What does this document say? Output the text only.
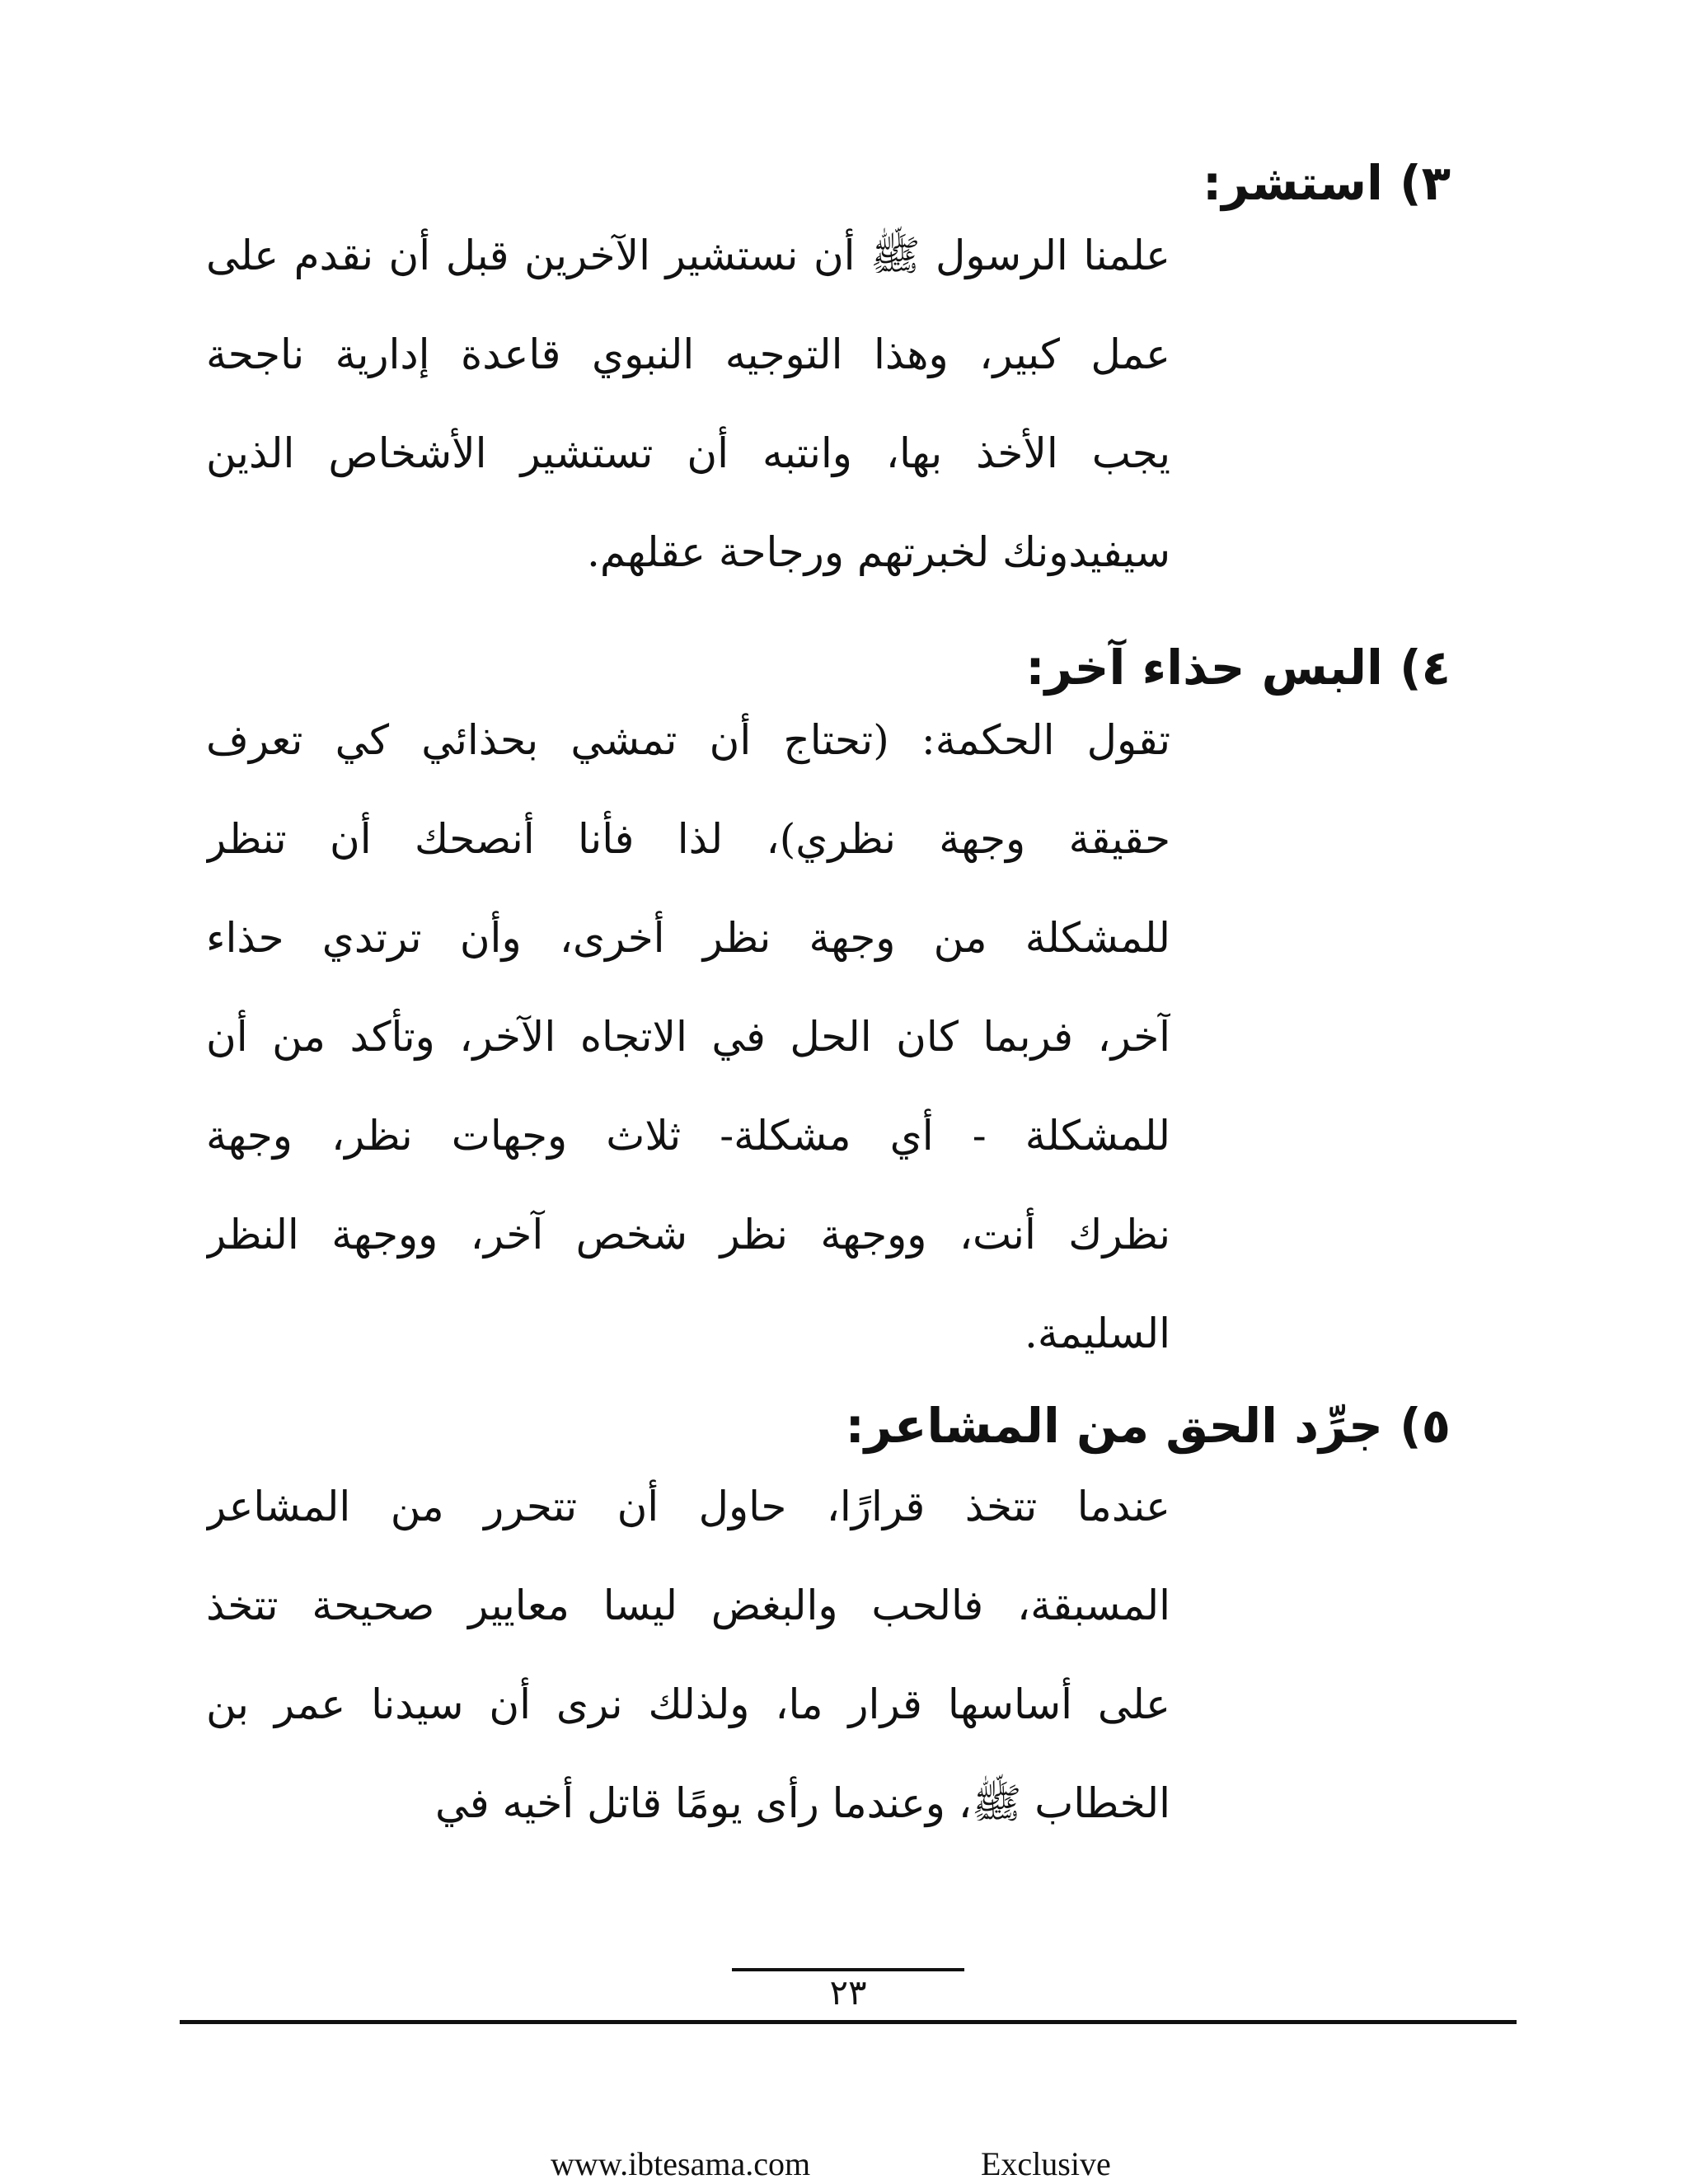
٣) استشر:
علمنا الرسول ﷺ أن نستشير الآخرين قبل أن نقدم على
عمل كبير، وهذا التوجيه النبوي قاعدة إدارية ناجحة
يجب الأخذ بها، وانتبه أن تستشير الأشخاص الذين
سيفيدونك لخبرتهم ورجاحة عقلهم.
٤) البس حذاء آخر:
تقول الحكمة: (تحتاج أن تمشي بحذائي كي تعرف
حقيقة وجهة نظري)، لذا فأنا أنصحك أن تنظر
للمشكلة من وجهة نظر أخرى، وأن ترتدي حذاء
آخر، فربما كان الحل في الاتجاه الآخر، وتأكد من أن
للمشكلة - أي مشكلة- ثلاث وجهات نظر، وجهة
نظرك أنت، ووجهة نظر شخص آخر، ووجهة النظر
السليمة.
٥) جرِّد الحق من المشاعر:
عندما تتخذ قرارًا، حاول أن تتحرر من المشاعر
المسبقة، فالحب والبغض ليسا معايير صحيحة تتخذ
على أساسها قرار ما، ولذلك نرى أن سيدنا عمر بن
الخطاب ﷺ، وعندما رأى يومًا قاتل أخيه في
٢٣
www.ibtesama.com	Exclusive
